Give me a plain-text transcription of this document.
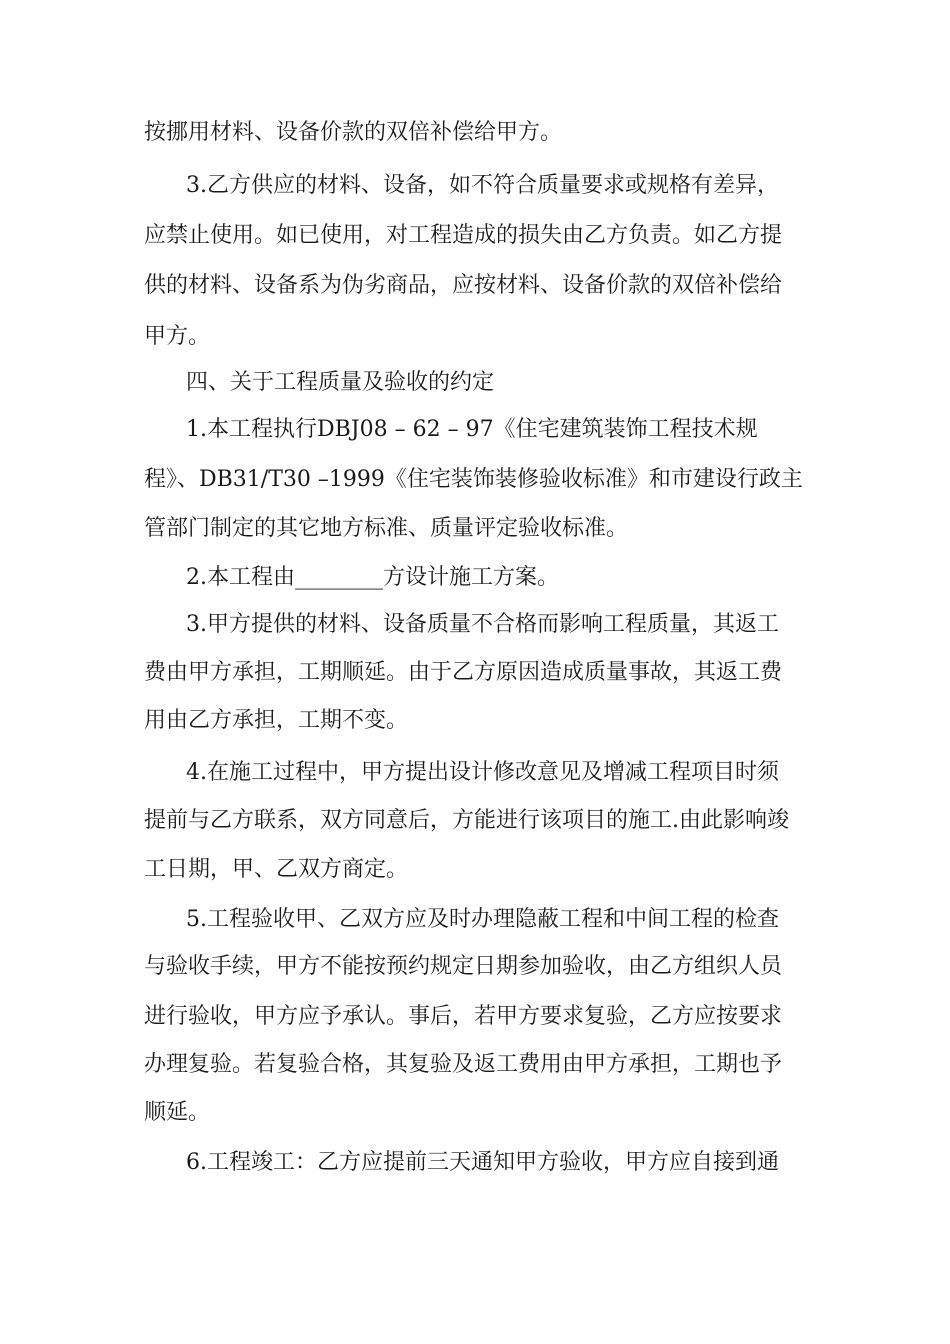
按挪用材料、设备价款的双倍补偿给甲方。
3.乙方供应的材料、设备，如不符合质量要求或规格有差异，
应禁止使用。如已使用，对工程造成的损失由乙方负责。如乙方提
供的材料、设备系为伪劣商品，应按材料、设备价款的双倍补偿给
甲方。
四、关于工程质量及验收的约定
1.本工程执行DBJ08 – 62 – 97《住宅建筑装饰工程技术规
程》、DB31/T30 –1999《住宅装饰装修验收标准》和市建设行政主
管部门制定的其它地方标准、质量评定验收标准。
2.本工程由________方设计施工方案。
3.甲方提供的材料、设备质量不合格而影响工程质量，其返工
费由甲方承担，工期顺延。由于乙方原因造成质量事故，其返工费
用由乙方承担，工期不变。
4.在施工过程中，甲方提出设计修改意见及增减工程项目时须
提前与乙方联系，双方同意后，方能进行该项目的施工.由此影响竣
工日期，甲、乙双方商定。
5.工程验收甲、乙双方应及时办理隐蔽工程和中间工程的检查
与验收手续，甲方不能按预约规定日期参加验收，由乙方组织人员
进行验收，甲方应予承认。事后，若甲方要求复验，乙方应按要求
办理复验。若复验合格，其复验及返工费用由甲方承担，工期也予
顺延。
6.工程竣工：乙方应提前三天通知甲方验收，甲方应自接到通
